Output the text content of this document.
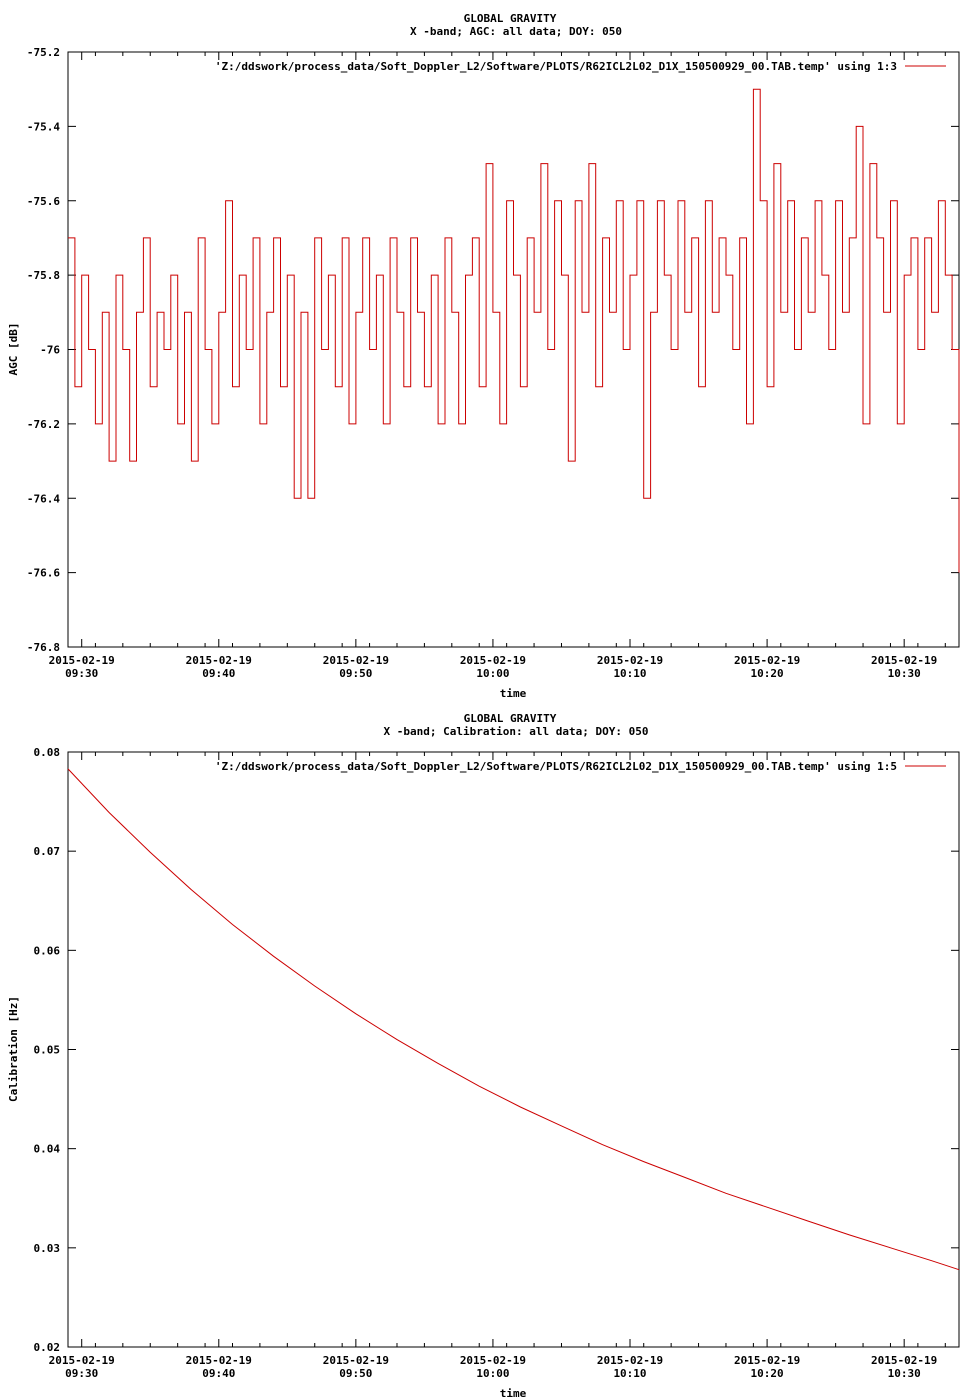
GLOBAL GRAVITY
X -band; AGC: all data; DOY: 050
-75.2
-75.4
-75.6
-75.8
-76
-76.2
-76.4
-76.6
-76.8
2015-02-19
09:30
2015-02-19
09:40
2015-02-19
09:50
2015-02-19
10:00
2015-02-19
10:10
2015-02-19
10:20
2015-02-19
10:30
AGC [dB]
time
'Z:/ddswork/process_data/Soft_Doppler_L2/Software/PLOTS/R62ICL2L02_D1X_150500929_00.TAB.temp' using 1:3
GLOBAL GRAVITY
X -band; Calibration: all data; DOY: 050
0.08
0.07
0.06
0.05
0.04
0.03
0.02
2015-02-19
09:30
2015-02-19
09:40
2015-02-19
09:50
2015-02-19
10:00
2015-02-19
10:10
2015-02-19
10:20
2015-02-19
10:30
Calibration [Hz]
time
'Z:/ddswork/process_data/Soft_Doppler_L2/Software/PLOTS/R62ICL2L02_D1X_150500929_00.TAB.temp' using 1:5
